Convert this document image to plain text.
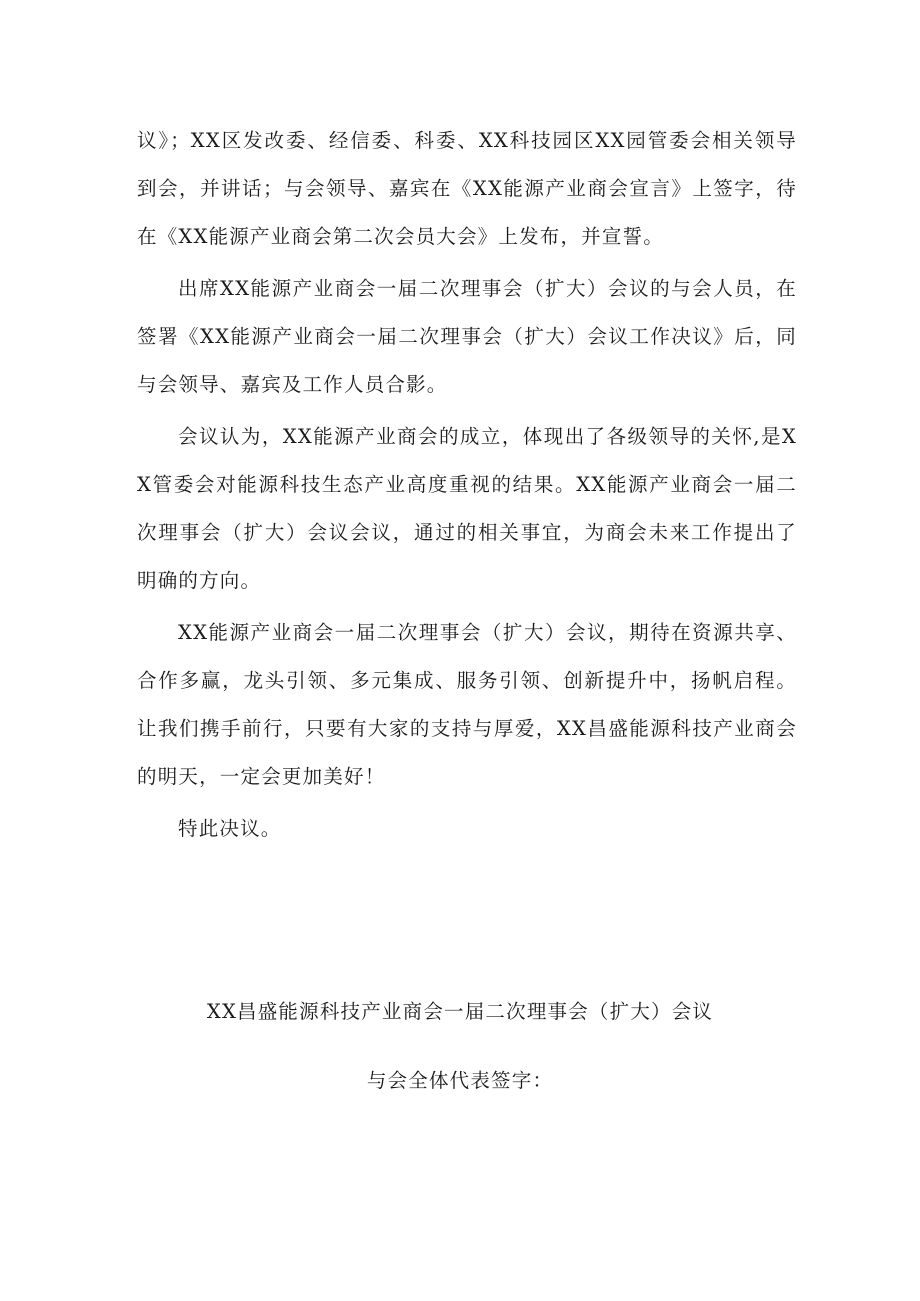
议》；XX区发改委、经信委、科委、XX科技园区XX园管委会相关领导到会，并讲话；与会领导、嘉宾在《XX能源产业商会宣言》上签字，待在《XX能源产业商会第二次会员大会》上发布，并宣誓。

出席XX能源产业商会一届二次理事会（扩大）会议的与会人员，在签署《XX能源产业商会一届二次理事会（扩大）会议工作决议》后，同与会领导、嘉宾及工作人员合影。

会议认为，XX能源产业商会的成立，体现出了各级领导的关怀,是XX管委会对能源科技生态产业高度重视的结果。XX能源产业商会一届二次理事会（扩大）会议会议，通过的相关事宜，为商会未来工作提出了明确的方向。

XX能源产业商会一届二次理事会（扩大）会议，期待在资源共享、合作多赢，龙头引领、多元集成、服务引领、创新提升中，扬帆启程。让我们携手前行，只要有大家的支持与厚爱，XX昌盛能源科技产业商会的明天，一定会更加美好！

特此决议。

XX昌盛能源科技产业商会一届二次理事会（扩大）会议
与会全体代表签字：
